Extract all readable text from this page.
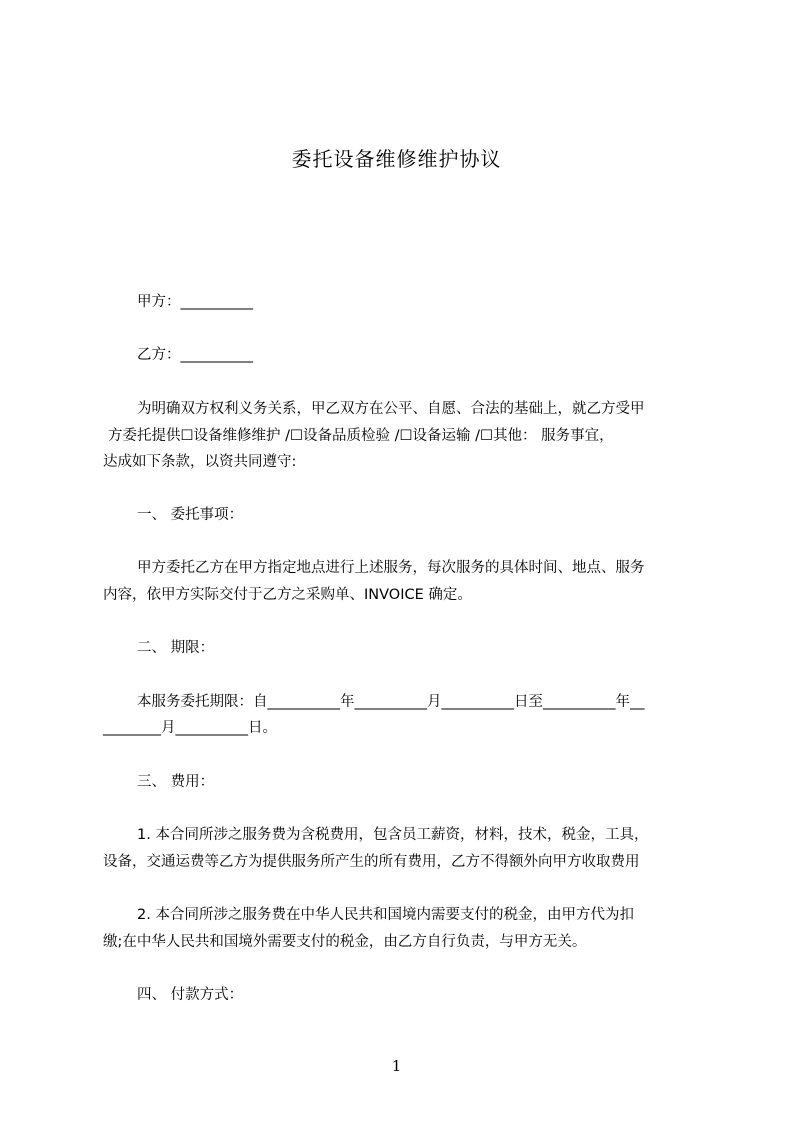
委托设备维修维护协议
甲方：__________
乙方：__________
为明确双方权利义务关系，甲乙双方在公平、自愿、合法的基础上，就乙方受甲
方委托提供☐设备维修维护 /☐设备品质检验 /☐设备运输 /☐其他： 服务事宜，
达成如下条款，以资共同遵守:
一、 委托事项：
甲方委托乙方在甲方指定地点进行上述服务，每次服务的具体时间、地点、服务
内容，依甲方实际交付于乙方之采购单、INVOICE 确定。
二、 期限：
本服务委托期限：自__________年__________月__________日至__________年__
________月__________日。
三、 费用：
1. 本合同所涉之服务费为含税费用，包含员工薪资，材料，技术，税金，工具，
设备，交通运费等乙方为提供服务所产生的所有费用，乙方不得额外向甲方收取费用
2. 本合同所涉之服务费在中华人民共和国境内需要支付的税金，由甲方代为扣
缴;在中华人民共和国境外需要支付的税金，由乙方自行负责，与甲方无关。
四、 付款方式：
1
